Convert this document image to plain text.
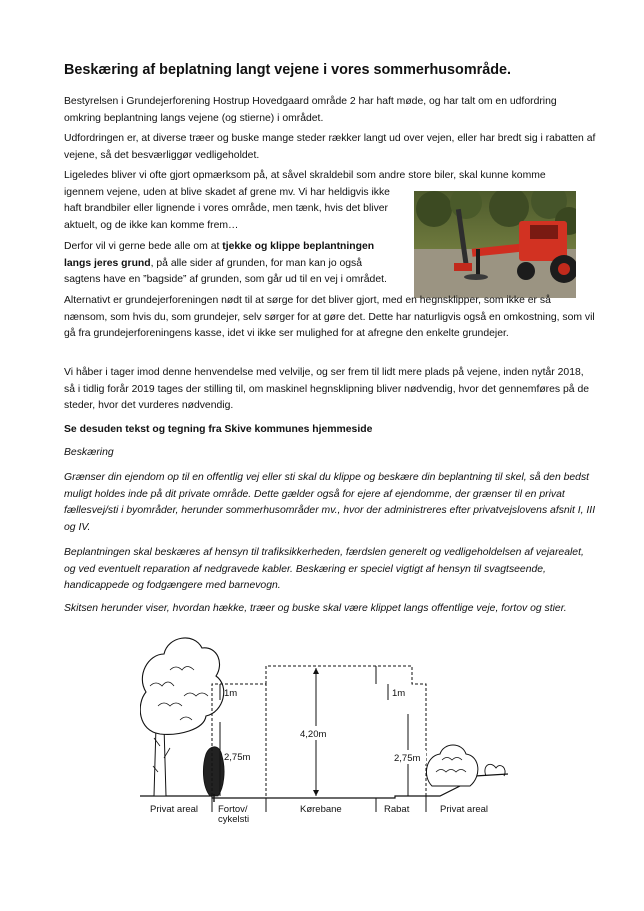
Beskæring af beplatning langt vejene i vores sommerhusområde.

Bestyrelsen i Grundejerforening Hostrup Hovedgaard område 2 har haft møde, og har talt om en udfordring omkring beplantning langs vejene (og stierne) i området.

Udfordringen er, at diverse træer og buske mange steder rækker langt ud over vejen, eller har bredt sig i rabatten af vejene, så det besværliggør vedligeholdet.

Ligeledes bliver vi ofte gjort opmærksom på, at såvel skraldebil som andre store biler, skal kunne komme

igennem vejene, uden at blive skadet af grene mv. Vi har heldigvis ikke haft brandbiler eller lignende i vores område, men tænk, hvis det bliver aktuelt, og de ikke kan komme frem…

Derfor vil vi gerne bede alle om at tjekke og klippe beplantningen langs jeres grund, på alle sider af grunden, for man kan jo også sagtens have en ”bagside” af grunden, som går ud til en vej i området.

Alternativt er grundejerforeningen nødt til at sørge for det bliver gjort, med en hegnsklipper, som ikke er så nænsom, som hvis du, som grundejer, selv sørger for at gøre det. Dette har naturligvis også en omkostning, som vil gå fra grundejerforeningens kasse, idet vi ikke ser mulighed for at afregne den enkelte grundejer.

Vi håber i tager imod denne henvendelse med velvilje, og ser frem til lidt mere plads på vejene, inden nytår 2018, så i tidlig forår 2019 tages der stilling til, om maskinel hegnsklipning bliver nødvendig, hvor det gennemføres på de steder, hvor det vurderes nødvendig.

Se desuden tekst og tegning fra Skive kommunes hjemmeside

Beskæring

Grænser din ejendom op til en offentlig vej eller sti skal du klippe og beskære din beplantning til skel, så den bedst muligt holdes inde på dit private område. Dette gælder også for ejere af ejendomme, der grænser til en privat fællesvej/sti i byområder, herunder sommerhusområder mv., hvor der administreres efter privatvejslovens afsnit I, III og IV.

Beplantningen skal beskæres af hensyn til trafiksikkerheden, færdslen generelt og vedligeholdelsen af vejarealet, og ved eventuelt reparation af nedgravede kabler. Beskæring er speciel vigtigt af hensyn til svagtseende, handicappede og fodgængere med barnevogn.

Skitsen herunder viser, hvordan hække, træer og buske skal være klippet langs offentlige veje, fortov og stier.

1m
2,75m
4,20m
1m
2,75m
Privat areal Fortov/
cykelsti
Kørebane	Rabat	Privat areal
